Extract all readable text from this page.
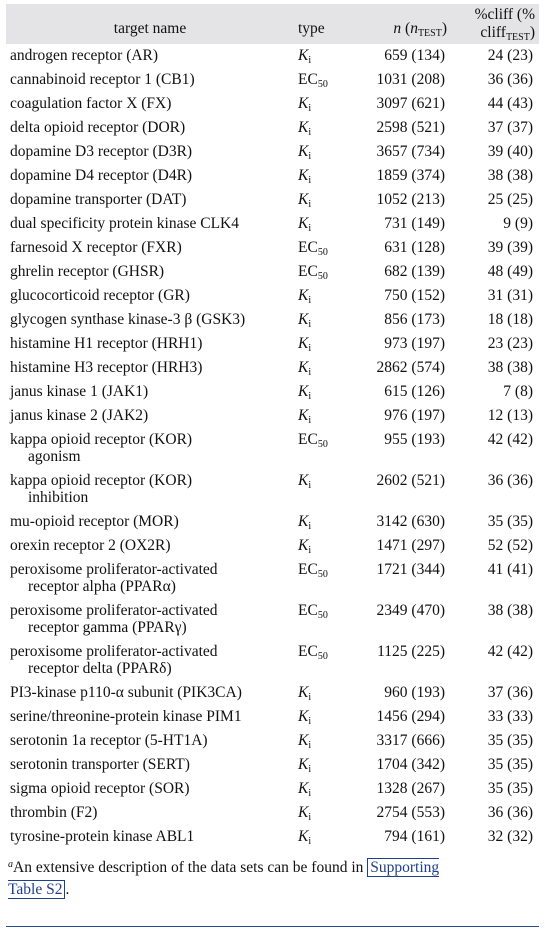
target name	type	n $(n_{TEST})$	%cliff (%
cliff$_{TEST}$)
androgen receptor (AR)	$K_i$	659 (134)	24 (23)
cannabinoid receptor 1 (CB1)	$EC_{50}$	1031 (208)	36 (36)
coagulation factor X (FX)	$K_i$	3097 (621)	44 (43)
delta opioid receptor (DOR)	$K_i$	2598 (521)	37 (37)
dopamine D3 receptor (D3R)	$K_i$	3657 (734)	39 (40)
dopamine D4 receptor (D4R)	$K_i$	1859 (374)	38 (38)
dopamine transporter (DAT)	$K_i$	1052 (213)	25 (25)
dual specificity protein kinase CLK4	$K_i$	731 (149)	9 (9)
farnesoid X receptor (FXR)	$EC_{50}$	631 (128)	39 (39)
ghrelin receptor (GHSR)	$EC_{50}$	682 (139)	48 (49)
glucocorticoid receptor (GR)	$K_i$	750 (152)	31 (31)
glycogen synthase kinase-3 β (GSK3)	$K_i$	856 (173)	18 (18)
histamine H1 receptor (HRH1)	$K_i$	973 (197)	23 (23)
histamine H3 receptor (HRH3)	$K_i$	2862 (574)	38 (38)
janus kinase 1 (JAK1)	$K_i$	615 (126)	7 (8)
janus kinase 2 (JAK2)	$K_i$	976 (197)	12 (13)
kappa opioid receptor (KOR)
agonism	$EC_{50}$	955 (193)	42 (42)
kappa opioid receptor (KOR)
inhibition	$K_i$	2602 (521)	36 (36)
mu-opioid receptor (MOR)	$K_i$	3142 (630)	35 (35)
orexin receptor 2 (OX2R)	$K_i$	1471 (297)	52 (52)
peroxisome proliferator-activated
receptor alpha (PPARα)	$EC_{50}$	1721 (344)	41 (41)
peroxisome proliferator-activated
receptor gamma (PPARγ)	$EC_{50}$	2349 (470)	38 (38)
peroxisome proliferator-activated
receptor delta (PPARδ)	$EC_{50}$	1125 (225)	42 (42)
PI3-kinase p110-α subunit (PIK3CA)	$K_i$	960 (193)	37 (36)
serine/threonine-protein kinase PIM1	$K_i$	1456 (294)	33 (33)
serotonin 1a receptor (5-HT1A)	$K_i$	3317 (666)	35 (35)
serotonin transporter (SERT)	$K_i$	1704 (342)	35 (35)
sigma opioid receptor (SOR)	$K_i$	1328 (267)	35 (35)
thrombin (F2)	$K_i$	2754 (553)	36 (36)
tyrosine-protein kinase ABL1	$K_i$	794 (161)	32 (32)
$^a$An extensive description of the data sets can be found in Supporting
Table S2 .
